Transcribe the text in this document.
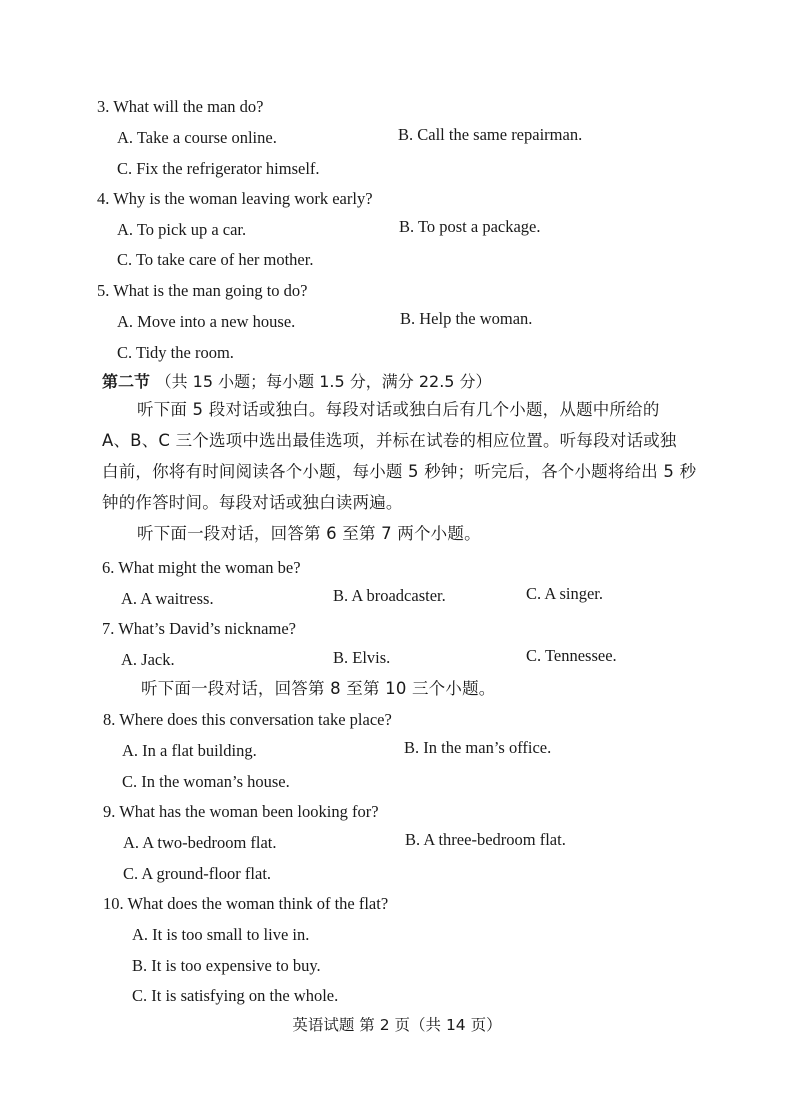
3. What will the man do?
A. Take a course online.	B. Call the same repairman.
C. Fix the refrigerator himself.
4. Why is the woman leaving work early?
A. To pick up a car.	B. To post a package.
C. To take care of her mother.
5. What is the man going to do?
A. Move into a new house.	B. Help the woman.
C. Tidy the room.
第二节 （共 15 小题；每小题 1.5 分，满分 22.5 分）
听下面 5 段对话或独白。每段对话或独白后有几个小题，从题中所给的
A、B、C 三个选项中选出最佳选项，并标在试卷的相应位置。听每段对话或独
白前，你将有时间阅读各个小题，每小题 5 秒钟；听完后，各个小题将给出 5 秒
钟的作答时间。每段对话或独白读两遍。
听下面一段对话，回答第 6 至第 7 两个小题。
6. What might the woman be?
A. A waitress.	B. A broadcaster.	C. A singer.
7. What’s David’s nickname?
A. Jack.	B. Elvis.	C. Tennessee.
听下面一段对话，回答第 8 至第 10 三个小题。
8. Where does this conversation take place?
A. In a flat building.	B. In the man’s office.
C. In the woman’s house.
9. What has the woman been looking for?
A. A two-bedroom flat.	B. A three-bedroom flat.
C. A ground-floor flat.
10. What does the woman think of the flat?
A. It is too small to live in.
B. It is too expensive to buy.
C. It is satisfying on the whole.
英语试题 第 2 页（共 14 页）
